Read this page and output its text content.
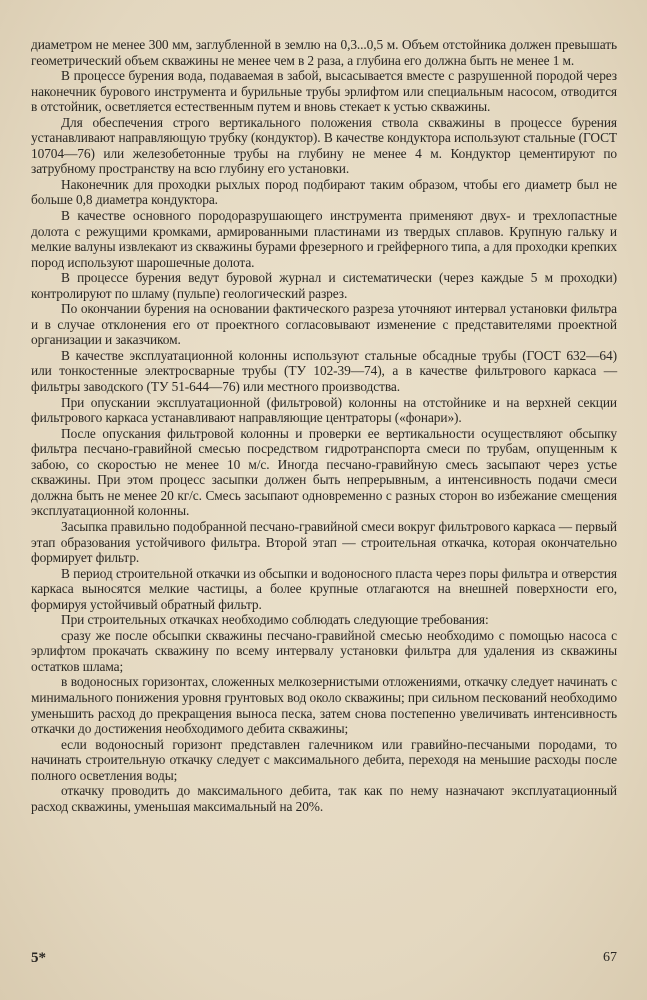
диаметром не менее 300 мм, заглубленной в землю на 0,3...0,5 м. Объем отстойника должен превышать геометрический объем скважины не менее чем в 2 раза, а глубина его должна быть не менее 1 м.

В процессе бурения вода, подаваемая в забой, высасывается вместе с разрушенной породой через наконечник бурового инструмента и бурильные трубы эрлифтом или специальным насосом, отводится в отстойник, осветляется естественным путем и вновь стекает к устью скважины.

Для обеспечения строго вертикального положения ствола скважины в процессе бурения устанавливают направляющую трубку (кондуктор). В качестве кондуктора используют стальные (ГОСТ 10704—76) или железобетонные трубы на глубину не менее 4 м. Кондуктор цементируют по затрубному пространству на всю глубину его установки.

Наконечник для проходки рыхлых пород подбирают таким образом, чтобы его диаметр был не больше 0,8 диаметра кондуктора.

В качестве основного породоразрушающего инструмента применяют двух- и трехлопастные долота с режущими кромками, армированными пластинами из твердых сплавов. Крупную гальку и мелкие валуны извлекают из скважины бурами фрезерного и грейферного типа, а для проходки крепких пород используют шарошечные долота.

В процессе бурения ведут буровой журнал и систематически (через каждые 5 м проходки) контролируют по шламу (пульпе) геологический разрез.

По окончании бурения на основании фактического разреза уточняют интервал установки фильтра и в случае отклонения его от проектного согласовывают изменение с представителями проектной организации и заказчиком.

В качестве эксплуатационной колонны используют стальные обсадные трубы (ГОСТ 632—64) или тонкостенные электросварные трубы (ТУ 102-39—74), а в качестве фильтрового каркаса — фильтры заводского (ТУ 51-644—76) или местного производства.

При опускании эксплуатационной (фильтровой) колонны на отстойнике и на верхней секции фильтрового каркаса устанавливают направляющие центраторы («фонари»).

После опускания фильтровой колонны и проверки ее вертикальности осуществляют обсыпку фильтра песчано-гравийной смесью посредством гидротранспорта смеси по трубам, опущенным к забою, со скоростью не менее 10 м/с. Иногда песчано-гравийную смесь засыпают через устье скважины. При этом процесс засыпки должен быть непрерывным, а интенсивность подачи смеси должна быть не менее 20 кг/с. Смесь засыпают одновременно с разных сторон во избежание смещения эксплуатационной колонны.

Засыпка правильно подобранной песчано-гравийной смеси вокруг фильтрового каркаса — первый этап образования устойчивого фильтра. Второй этап — строительная откачка, которая окончательно формирует фильтр.

В период строительной откачки из обсыпки и водоносного пласта через поры фильтра и отверстия каркаса выносятся мелкие частицы, а более крупные отлагаются на внешней поверхности его, формируя устойчивый обратный фильтр.

При строительных откачках необходимо соблюдать следующие требования:

сразу же после обсыпки скважины песчано-гравийной смесью необходимо с помощью насоса с эрлифтом прокачать скважину по всему интервалу установки фильтра для удаления из скважины остатков шлама;

в водоносных горизонтах, сложенных мелкозернистыми отложениями, откачку следует начинать с минимального понижения уровня грунтовых вод около скважины; при сильном пескований необходимо уменьшить расход до прекращения выноса песка, затем снова постепенно увеличивать интенсивность откачки до достижения необходимого дебита скважины;

если водоносный горизонт представлен галечником или гравийно-песчаными породами, то начинать строительную откачку следует с максимального дебита, переходя на меньшие расходы после полного осветления воды;

откачку проводить до максимального дебита, так как по нему назначают эксплуатационный расход скважины, уменьшая максимальный на 20%.

5*	67
